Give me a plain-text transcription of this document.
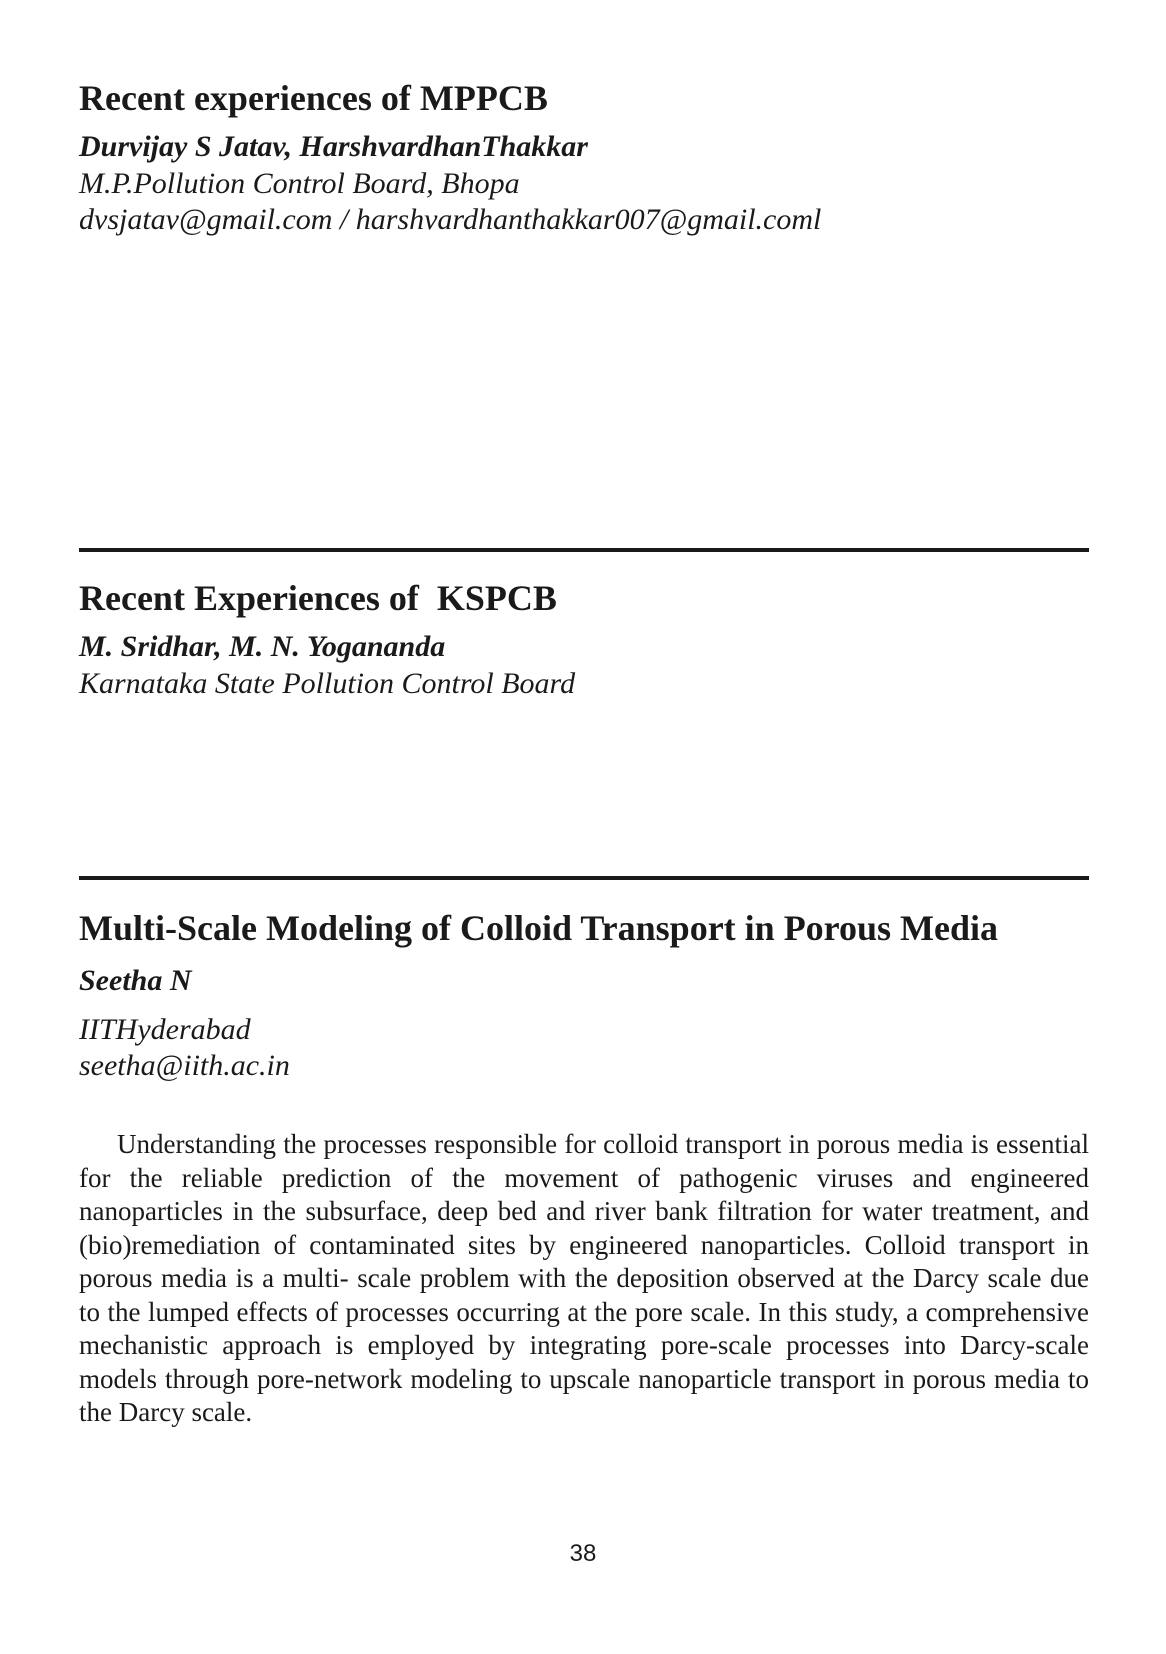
Recent experiences of MPPCB
Durvijay S Jatav, HarshvardhanThakkar
M.P.Pollution Control Board, Bhopa
dvsjatav@gmail.com / harshvardhanthakkar007@gmail.coml
Recent Experiences of  KSPCB
M. Sridhar, M. N. Yogananda
Karnataka State Pollution Control Board
Multi-Scale Modeling of Colloid Transport in Porous Media
Seetha N
IITHyderabad
seetha@iith.ac.in

Understanding the processes responsible for colloid transport in porous media is essential for the reliable prediction of the movement of pathogenic viruses and engineered nanoparticles in the subsurface, deep bed and river bank filtration for water treatment, and (bio)remediation of contaminated sites by engineered nanoparticles. Colloid transport in porous media is a multi- scale problem with the deposition observed at the Darcy scale due to the lumped effects of processes occurring at the pore scale. In this study, a comprehensive mechanistic approach is employed by integrating pore-scale processes into Darcy-scale models through pore-network modeling to upscale nanoparticle transport in porous media to the Darcy scale.

38
